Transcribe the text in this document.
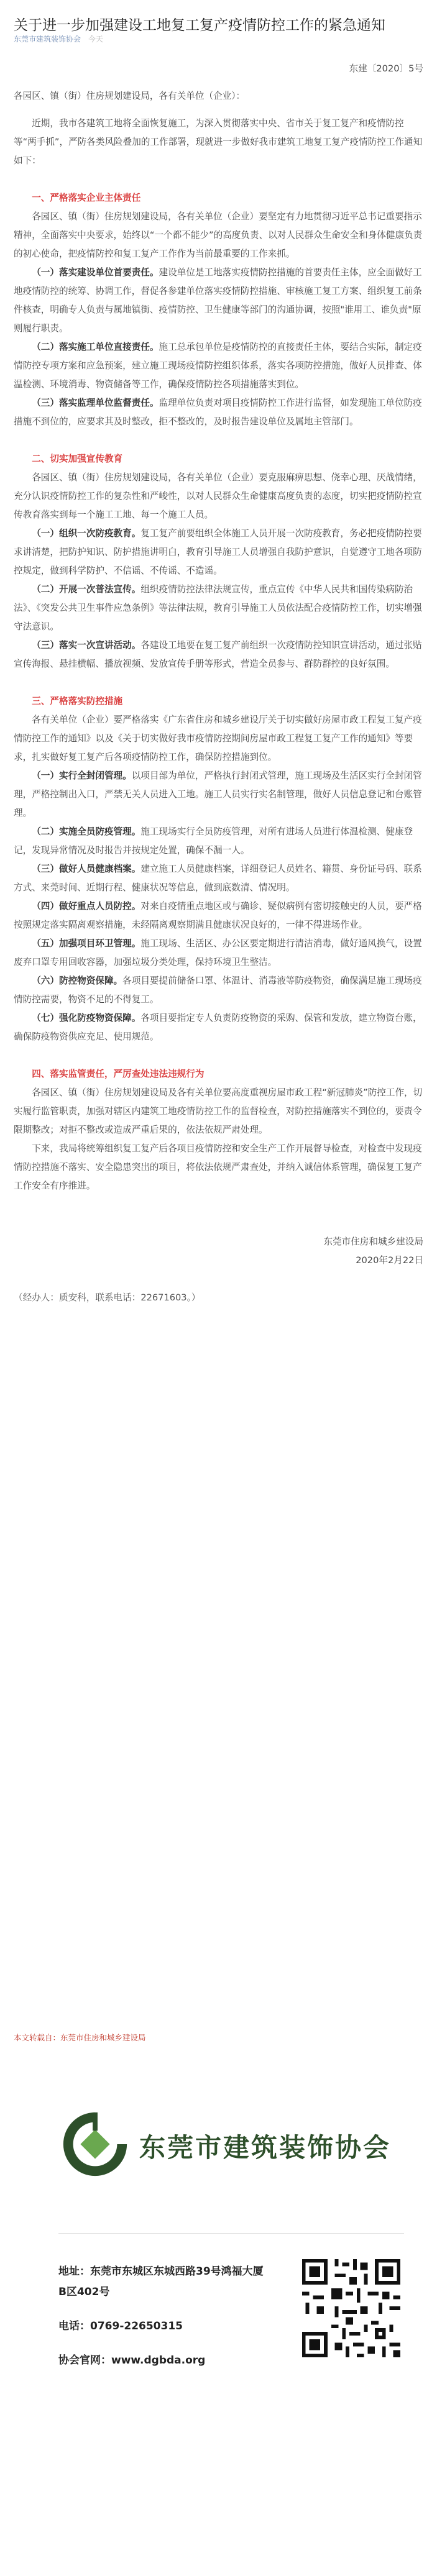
关于进一步加强建设工地复工复产疫情防控工作的紧急通知
东莞市建筑装饰协会 今天

东建〔2020〕5号

各园区、镇（街）住房规划建设局，各有关单位（企业）：

近期，我市各建筑工地将全面恢复施工，为深入贯彻落实中央、省市关于复工复产和疫情防控等“两手抓”，严防各类风险叠加的工作部署，现就进一步做好我市建筑工地复工复产疫情防控工作通知如下：

一、严格落实企业主体责任

各园区、镇（街）住房规划建设局，各有关单位（企业）要坚定有力地贯彻习近平总书记重要指示精神，全面落实中央要求，始终以“一个都不能少”的高度负责、以对人民群众生命安全和身体健康负责的初心使命，把疫情防控和复工复产工作作为当前最重要的工作来抓。

（一）落实建设单位首要责任。建设单位是工地落实疫情防控措施的首要责任主体，应全面做好工地疫情防控的统筹、协调工作，督促各参建单位落实疫情防控措施、审核施工复工方案、组织复工前条件核查，明确专人负责与属地镇街、疫情防控、卫生健康等部门的沟通协调，按照"谁用工、谁负责"原则履行职责。

（二）落实施工单位直接责任。施工总承包单位是疫情防控的直接责任主体，要结合实际，制定疫情防控专项方案和应急预案，建立施工现场疫情防控组织体系，落实各项防控措施，做好人员排查、体温检测、环境消毒、物资储备等工作，确保疫情防控各项措施落实到位。

（三）落实监理单位监督责任。监理单位负责对项目疫情防控工作进行监督，如发现施工单位防疫措施不到位的，应要求其及时整改，拒不整改的，及时报告建设单位及属地主管部门。

二、切实加强宣传教育

各园区、镇（街）住房规划建设局，各有关单位（企业）要克服麻痹思想、侥幸心理、厌战情绪，充分认识疫情防控工作的复杂性和严峻性，以对人民群众生命健康高度负责的态度，切实把疫情防控宣传教育落实到每一个施工工地、每一个施工人员。

（一）组织一次防疫教育。复工复产前要组织全体施工人员开展一次防疫教育，务必把疫情防控要求讲清楚，把防护知识、防护措施讲明白，教育引导施工人员增强自我防护意识，自觉遵守工地各项防控规定，做到科学防护、不信谣、不传谣、不造谣。

（二）开展一次普法宣传。组织疫情防控法律法规宣传，重点宣传《中华人民共和国传染病防治法》、《突发公共卫生事件应急条例》等法律法规，教育引导施工人员依法配合疫情防控工作，切实增强守法意识。

（三）落实一次宣讲活动。各建设工地要在复工复产前组织一次疫情防控知识宣讲活动，通过张贴宣传海报、悬挂横幅、播放视频、发放宣传手册等形式，营造全员参与、群防群控的良好氛围。

三、严格落实防控措施

各有关单位（企业）要严格落实《广东省住房和城乡建设厅关于切实做好房屋市政工程复工复产疫情防控工作的通知》以及《关于切实做好我市疫情防控期间房屋市政工程复工复产工作的通知》等要求，扎实做好复工复产后各项疫情防控工作，确保防控措施到位。

（一）实行全封闭管理。以项目部为单位，严格执行封闭式管理，施工现场及生活区实行全封闭管理，严格控制出入口，严禁无关人员进入工地。施工人员实行实名制管理，做好人员信息登记和台账管理。

（二）实施全员防疫管理。施工现场实行全员防疫管理，对所有进场人员进行体温检测、健康登记，发现异常情况及时报告并按规定处置，确保不漏一人。

（三）做好人员健康档案。建立施工人员健康档案，详细登记人员姓名、籍贯、身份证号码、联系方式、来莞时间、近期行程、健康状况等信息，做到底数清、情况明。

（四）做好重点人员防控。对来自疫情重点地区或与确诊、疑似病例有密切接触史的人员，要严格按照规定落实隔离观察措施，未经隔离观察期满且健康状况良好的，一律不得进场作业。

（五）加强项目环卫管理。施工现场、生活区、办公区要定期进行清洁消毒，做好通风换气，设置废弃口罩专用回收容器，加强垃圾分类处理，保持环境卫生整洁。

（六）防控物资保障。各项目要提前储备口罩、体温计、消毒液等防疫物资，确保满足施工现场疫情防控需要，物资不足的不得复工。

（七）强化防疫物资保障。各项目要指定专人负责防疫物资的采购、保管和发放，建立物资台账，确保防疫物资供应充足、使用规范。

四、落实监管责任，严厉查处违法违规行为

各园区、镇（街）住房规划建设局及各有关单位要高度重视房屋市政工程“新冠肺炎”防控工作，切实履行监管职责，加强对辖区内建筑工地疫情防控工作的监督检查，对防控措施落实不到位的，要责令限期整改；对拒不整改或造成严重后果的，依法依规严肃处理。

下来，我局将统筹组织复工复产后各项目疫情防控和安全生产工作开展督导检查，对检查中发现疫情防控措施不落实、安全隐患突出的项目，将依法依规严肃查处，并纳入诚信体系管理，确保复工复产工作安全有序推进。

东莞市住房和城乡建设局

2020年2月22日

（经办人：质安科，联系电话：22671603。）

本文转载自：东莞市住房和城乡建设局
东莞市建筑装饰协会
地址：东莞市东城区东城西路39号鸿福大厦B区402号
电话：0769-22650315
协会官网：www.dgbda.org
